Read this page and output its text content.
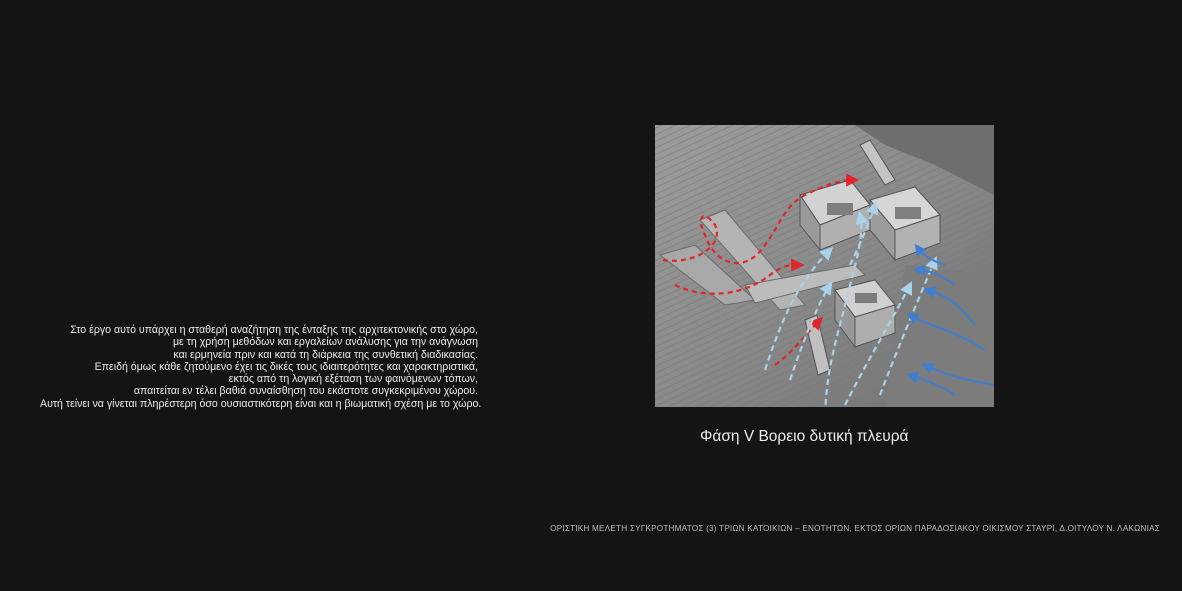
Στο έργο αυτό υπάρχει η σταθερή αναζήτηση της ένταξης της αρχιτεκτονικής στο χώρο,
με τη χρήση μεθόδων και εργαλείων ανάλυσης για την ανάγνωση
και ερμηνεία πριν και κατά τη διάρκεια της συνθετική διαδικασίας.
Επειδή όμως κάθε ζητούμενο έχει τις δικές τους ιδιαιτερότητες και χαρακτηριστικά,
εκτός από τη λογική εξέταση των φαινόμενων τόπων,
απαιτείται εν τέλει βαθιά συναίσθηση του εκάστοτε συγκεκριμένου χώρου.
Αυτή τείνει να γίνεται πληρέστερη όσο ουσιαστικότερη είναι και η βιωματική σχέση με το χώρο.
Φάση V Βορειο δυτική πλευρά
ΟΡΙΣΤΙΚΗ ΜΕΛΕΤΗ ΣΥΓΚΡΟΤΗΜΑΤΟΣ (3) ΤΡΙΩΝ ΚΑΤΟΙΚΙΩΝ – ΕΝΟΤΗΤΩΝ, ΕΚΤΟΣ ΟΡΙΩΝ ΠΑΡΑΔΟΣΙΑΚΟΥ ΟΙΚΙΣΜΟΥ ΣΤΑΥΡΙ, Δ.ΟΙΤΥΛΟΥ Ν. ΛΑΚΩΝΙΑΣ
